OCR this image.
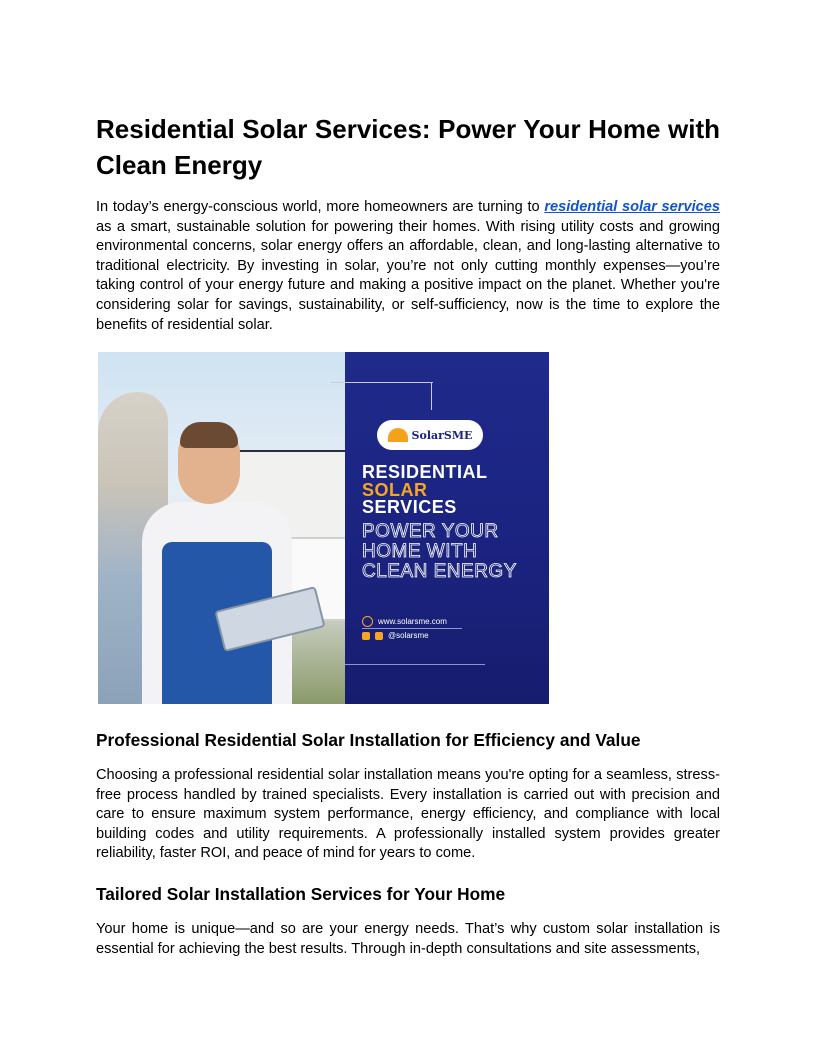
Residential Solar Services: Power Your Home with Clean Energy

In today’s energy-conscious world, more homeowners are turning to residential solar services as a smart, sustainable solution for powering their homes. With rising utility costs and growing environmental concerns, solar energy offers an affordable, clean, and long-lasting alternative to traditional electricity. By investing in solar, you’re not only cutting monthly expenses—you’re taking control of your energy future and making a positive impact on the planet. Whether you're considering solar for savings, sustainability, or self-sufficiency, now is the time to explore the benefits of residential solar.

Professional Residential Solar Installation for Efficiency and Value

Choosing a professional residential solar installation means you're opting for a seamless, stress-free process handled by trained specialists. Every installation is carried out with precision and care to ensure maximum system performance, energy efficiency, and compliance with local building codes and utility requirements. A professionally installed system provides greater reliability, faster ROI, and peace of mind for years to come.

Tailored Solar Installation Services for Your Home

Your home is unique—and so are your energy needs. That’s why custom solar installation is essential for achieving the best results. Through in-depth consultations and site assessments,

SolarSME
RESIDENTIAL
SOLAR
SERVICES
POWER YOUR HOME WITH CLEAN ENERGY
www.solarsme.com
@solarsme
